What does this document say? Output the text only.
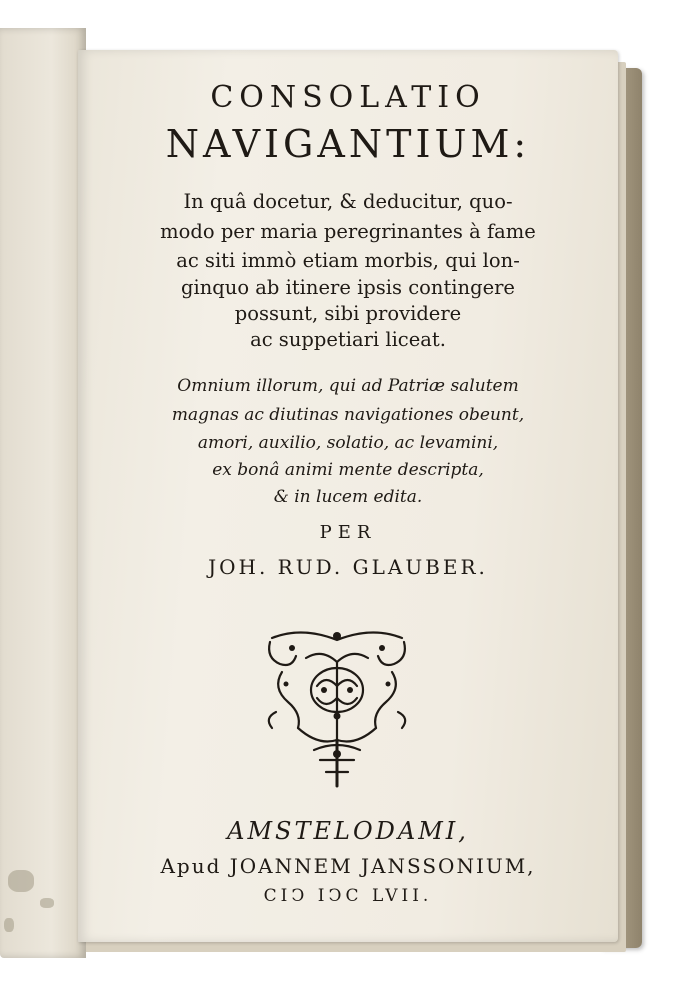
CONSOLATIO
NAVIGANTIUM:
In quâ docetur, & deducitur, quo-
modo per maria peregrinantes à fame
ac siti immò etiam morbis, qui lon-
ginquo ab itinere ipsis contingere
possunt, sibi providere
ac suppetiari liceat.
Omnium illorum, qui ad Patriæ salutem
magnas ac diutinas navigationes obeunt,
amori, auxilio, solatio, ac levamini,
ex bonâ animi mente descripta,
& in lucem edita.
PER
JOH. RUD. GLAUBER.
AMSTELODAMI,
Apud JOANNEM JANSSONIUM,
CIϽ IϽC LVII.
